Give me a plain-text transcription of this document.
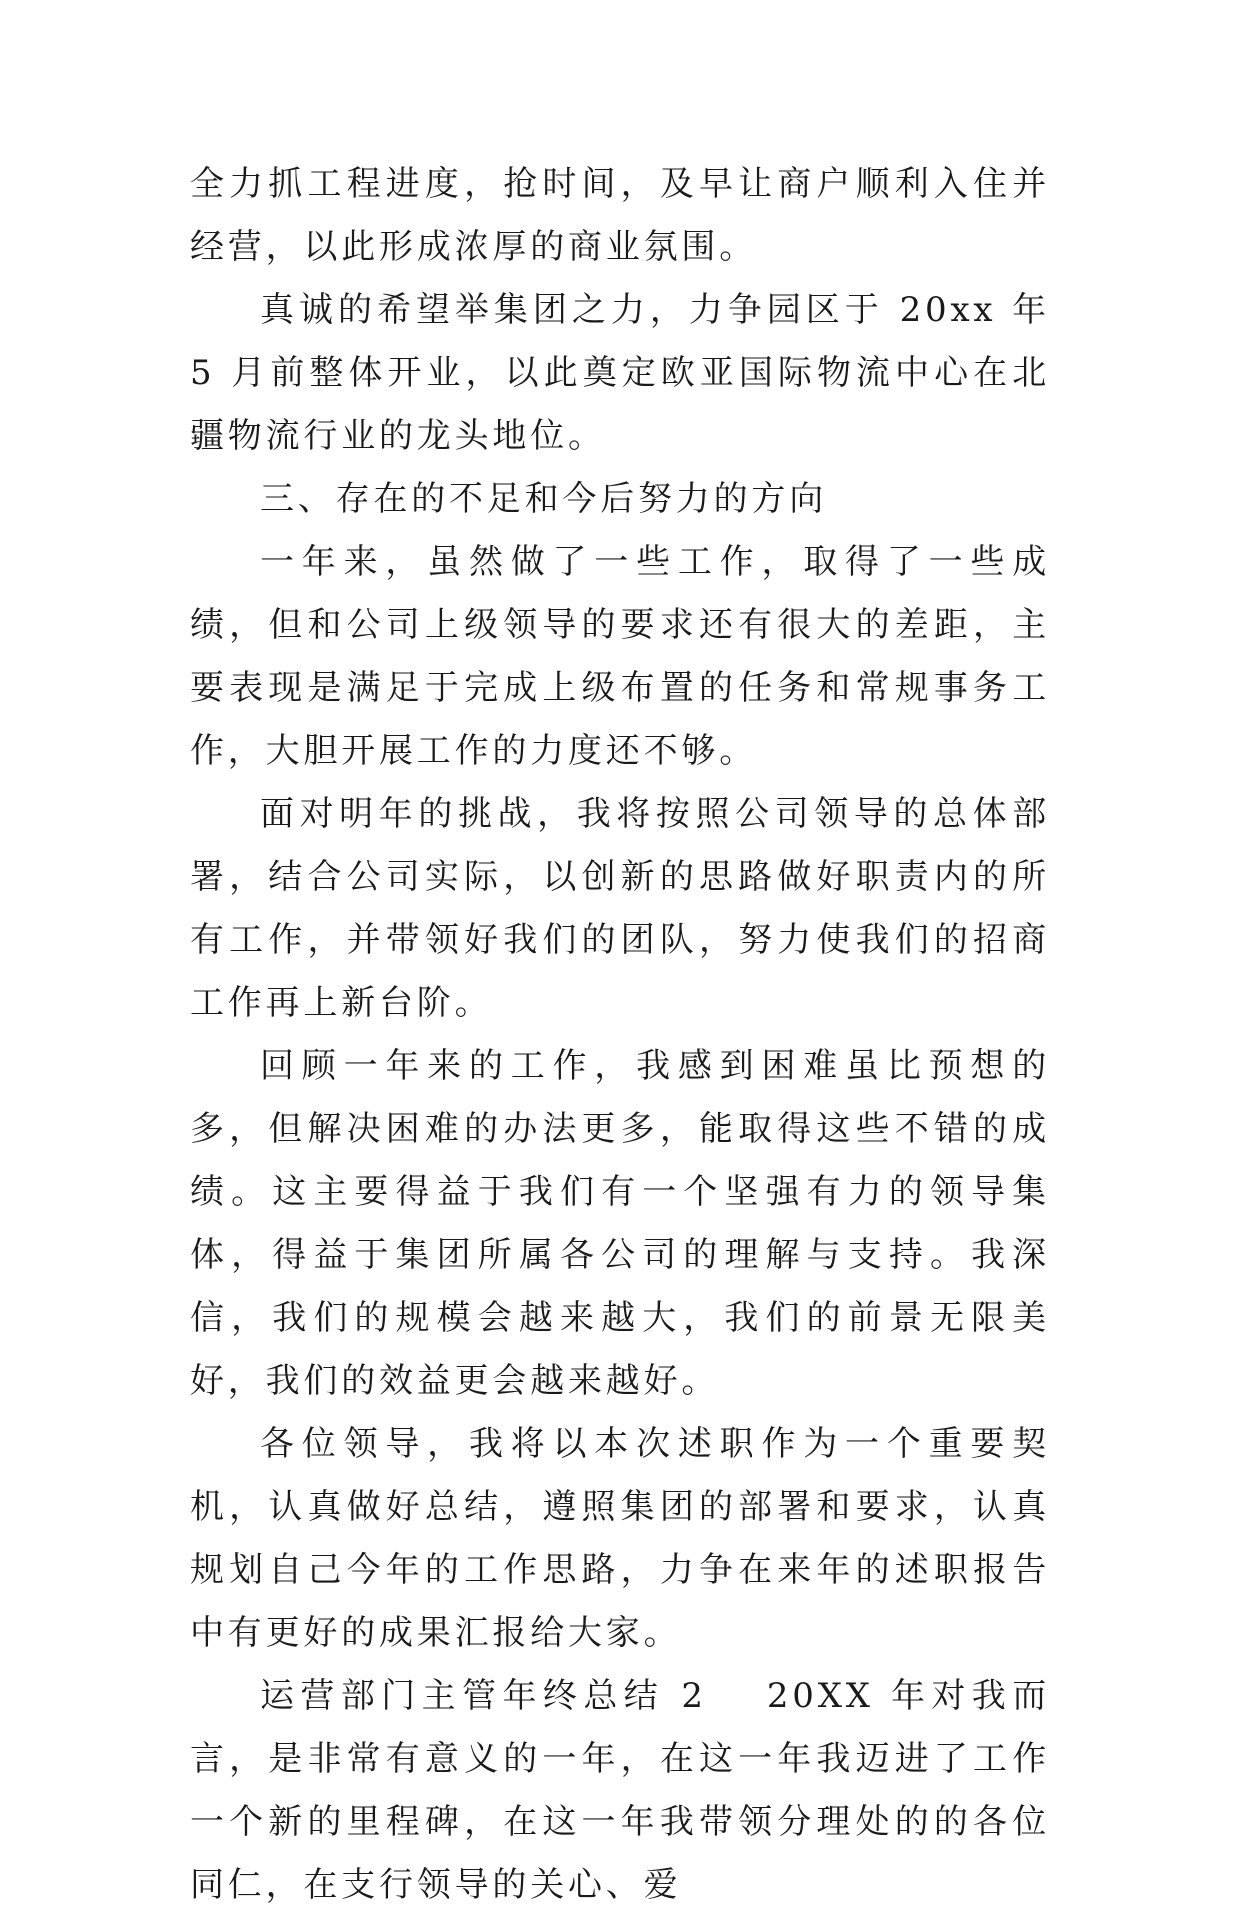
全力抓工程进度，抢时间，及早让商户顺利入住并经营，以此形成浓厚的商业氛围。

真诚的希望举集团之力，力争园区于 20xx 年 5 月前整体开业，以此奠定欧亚国际物流中心在北疆物流行业的龙头地位。

三、存在的不足和今后努力的方向

一年来，虽然做了一些工作，取得了一些成绩，但和公司上级领导的要求还有很大的差距，主要表现是满足于完成上级布置的任务和常规事务工作，大胆开展工作的力度还不够。

面对明年的挑战，我将按照公司领导的总体部署，结合公司实际，以创新的思路做好职责内的所有工作，并带领好我们的团队，努力使我们的招商工作再上新台阶。

回顾一年来的工作，我感到困难虽比预想的多，但解决困难的办法更多，能取得这些不错的成绩。这主要得益于我们有一个坚强有力的领导集体，得益于集团所属各公司的理解与支持。我深信，我们的规模会越来越大，我们的前景无限美好，我们的效益更会越来越好。

各位领导，我将以本次述职作为一个重要契机，认真做好总结，遵照集团的部署和要求，认真规划自己今年的工作思路，力争在来年的述职报告中有更好的成果汇报给大家。

运营部门主管年终总结 2 20XX 年对我而言，是非常有意义的一年，在这一年我迈进了工作一个新的里程碑，在这一年我带领分理处的的各位同仁，在支行领导的关心、爱
